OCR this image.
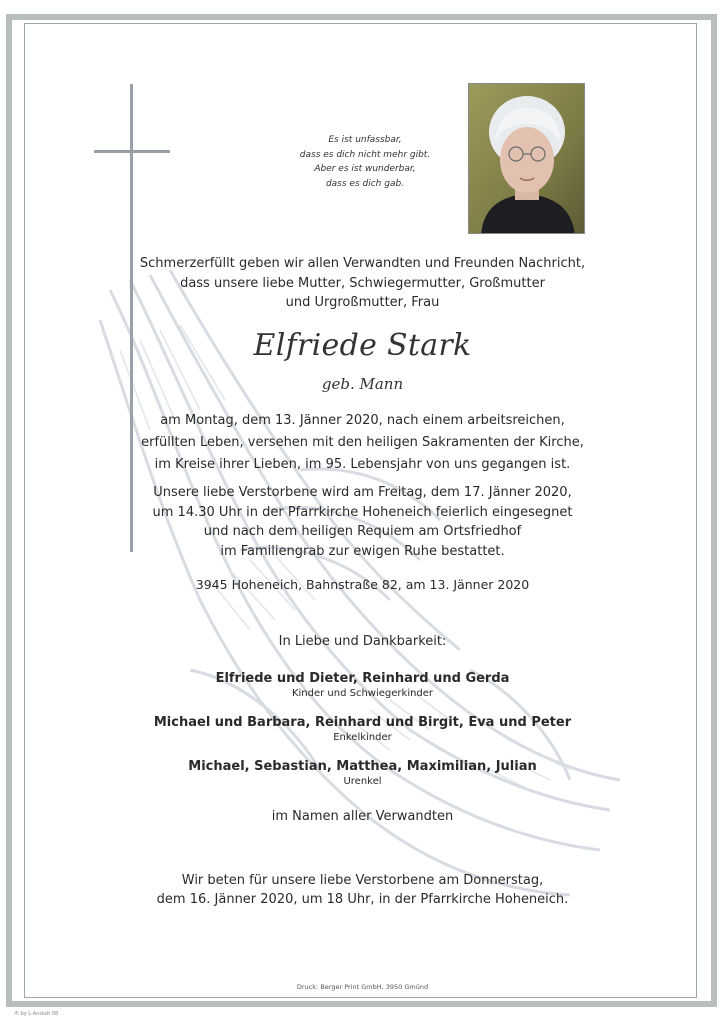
Es ist unfassbar,
dass es dich nicht mehr gibt.
Aber es ist wunderbar,
dass es dich gab.
Schmerzerfüllt geben wir allen Verwandten und Freunden Nachricht,
dass unsere liebe Mutter, Schwiegermutter, Großmutter
und Urgroßmutter, Frau
Elfriede Stark
geb. Mann
am Montag, dem 13. Jänner 2020, nach einem arbeitsreichen,
erfüllten Leben, versehen mit den heiligen Sakramenten der Kirche,
im Kreise ihrer Lieben, im 95. Lebensjahr von uns gegangen ist.
Unsere liebe Verstorbene wird am Freitag, dem 17. Jänner 2020,
um 14.30 Uhr in der Pfarrkirche Hoheneich feierlich eingesegnet
und nach dem heiligen Requiem am Ortsfriedhof
im Familiengrab zur ewigen Ruhe bestattet.
3945 Hoheneich, Bahnstraße 82, am 13. Jänner 2020
In Liebe und Dankbarkeit:
Elfriede und Dieter, Reinhard und Gerda
Kinder und Schwiegerkinder
Michael und Barbara, Reinhard und Birgit, Eva und Peter
Enkelkinder
Michael, Sebastian, Matthea, Maximilian, Julian
Urenkel
im Namen aller Verwandten
Wir beten für unsere liebe Verstorbene am Donnerstag,
dem 16. Jänner 2020, um 18 Uhr, in der Pfarrkirche Hoheneich.
Druck: Berger Print GmbH, 3950 Gmünd
® by L-Anstalt 08
